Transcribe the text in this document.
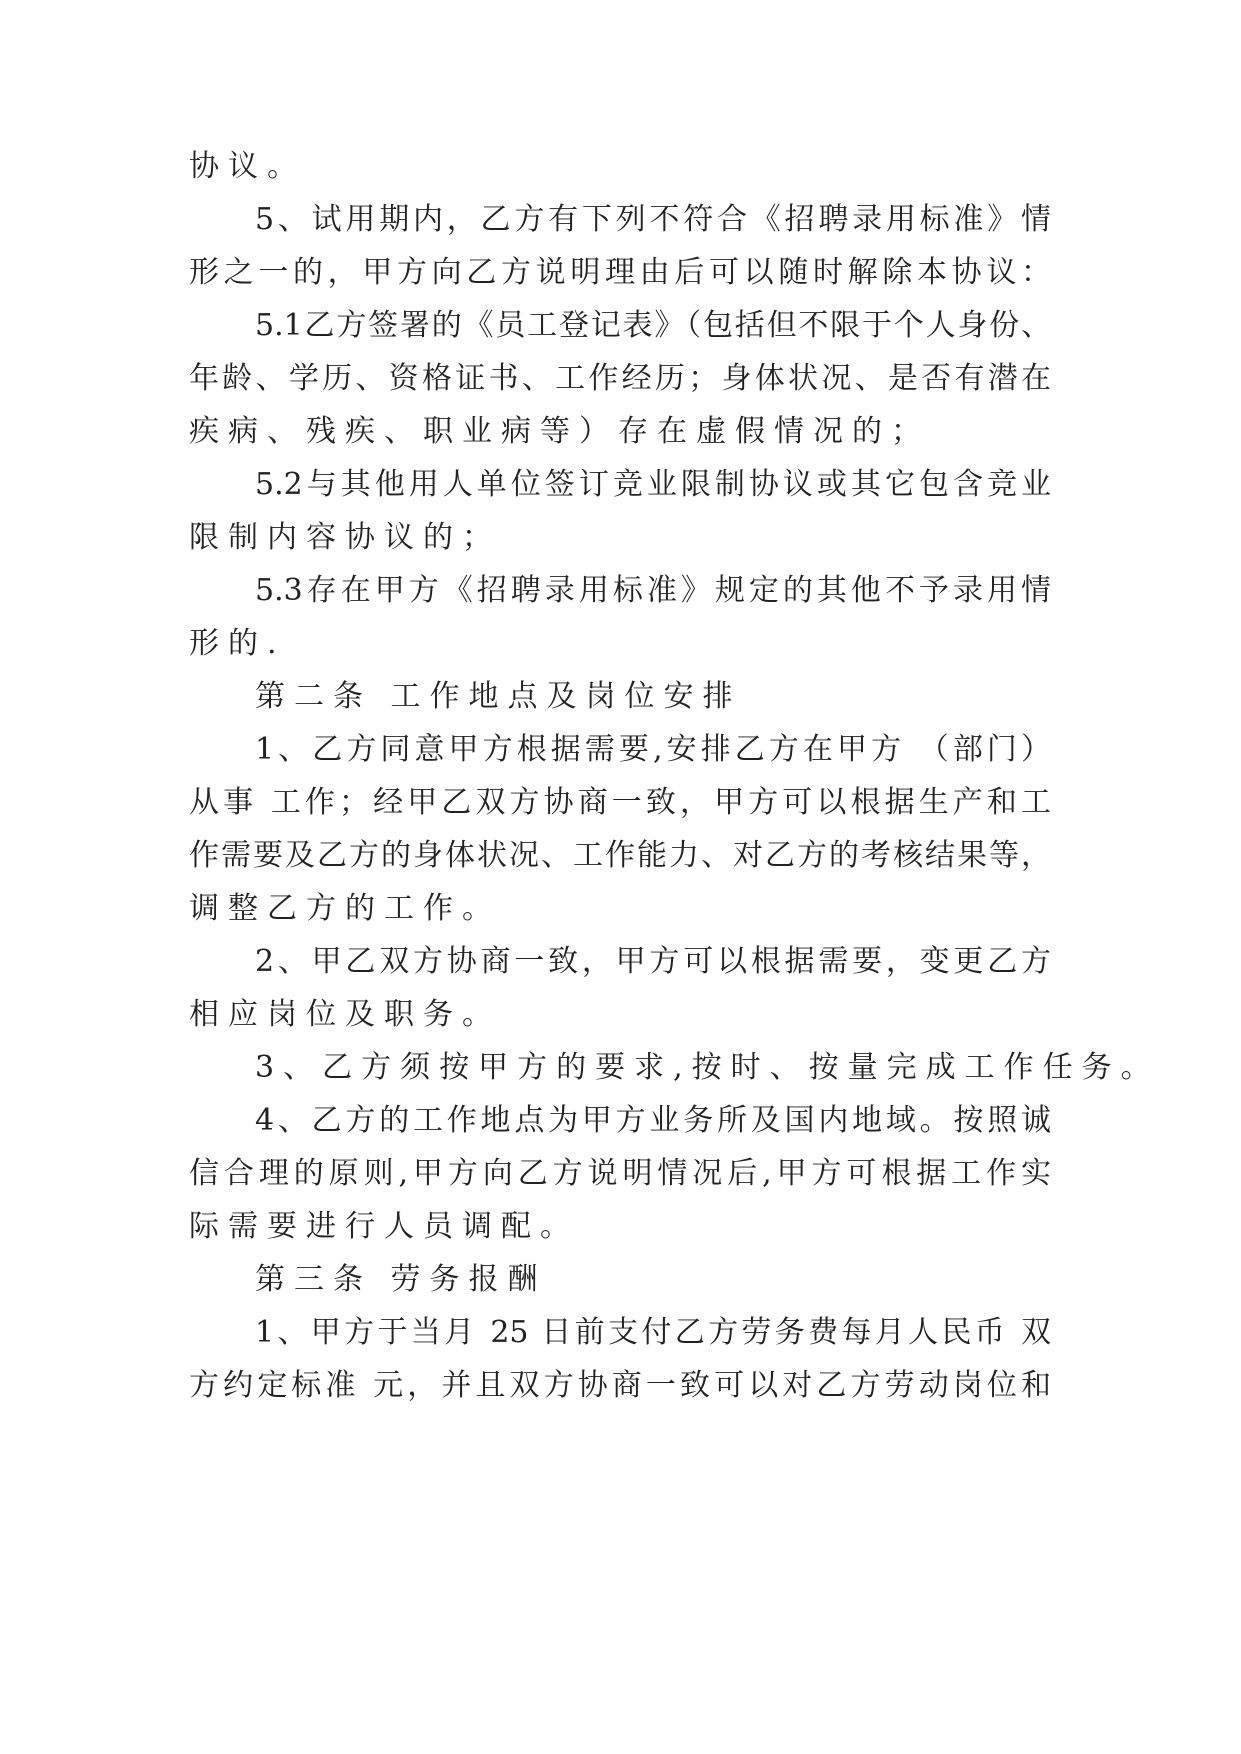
协议。
5、试用期内，乙方有下列不符合《招聘录用标准》情
形之一的，甲方向乙方说明理由后可以随时解除本协议：
5.1乙方签署的《员工登记表》（包括但不限于个人身份、
年龄、学历、资格证书、工作经历；身体状况、是否有潜在
疾病、残疾、职业病等）存在虚假情况的；
5.2与其他用人单位签订竞业限制协议或其它包含竞业
限制内容协议的；
5.3存在甲方《招聘录用标准》规定的其他不予录用情
形的.
第二条 工作地点及岗位安排
1、乙方同意甲方根据需要,安排乙方在甲方 （部门）
从事 工作；经甲乙双方协商一致，甲方可以根据生产和工
作需要及乙方的身体状况、工作能力、对乙方的考核结果等，
调整乙方的工作。
2、甲乙双方协商一致，甲方可以根据需要，变更乙方
相应岗位及职务。
3、乙方须按甲方的要求,按时、按量完成工作任务。
4、乙方的工作地点为甲方业务所及国内地域。按照诚
信合理的原则,甲方向乙方说明情况后,甲方可根据工作实
际需要进行人员调配。
第三条 劳务报酬
1、甲方于当月 25 日前支付乙方劳务费每月人民币 双
方约定标准 元，并且双方协商一致可以对乙方劳动岗位和
